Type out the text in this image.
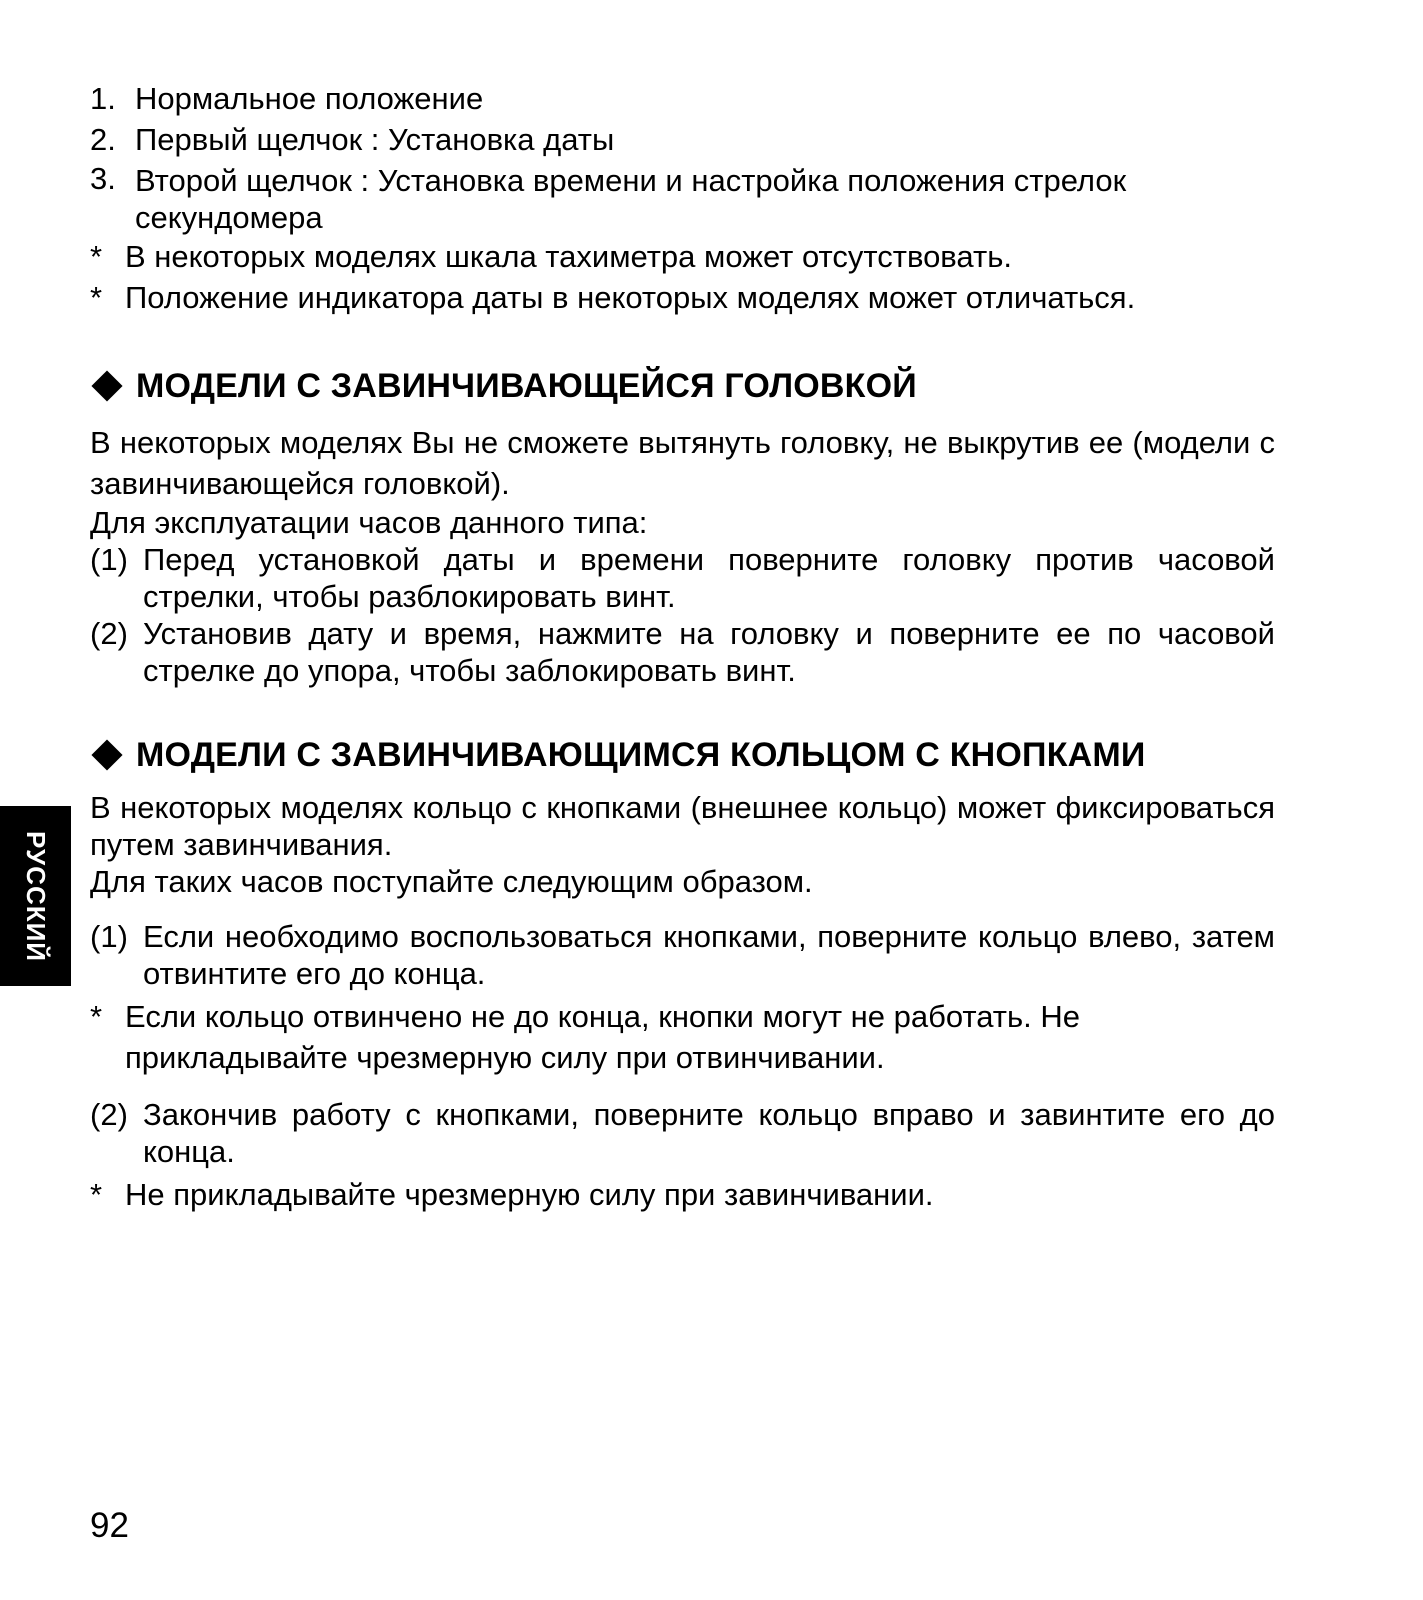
1. Нормальное положение
2. Первый щелчок : Установка даты
3. Второй щелчок : Установка времени и настройка положения стрелок секундомера
* В некоторых моделях шкала тахиметра может отсутствовать.
* Положение индикатора даты в некоторых моделях может отличаться.
МОДЕЛИ С ЗАВИНЧИВАЮЩЕЙСЯ ГОЛОВКОЙ
В некоторых моделях Вы не сможете вытянуть головку, не выкрутив ее (модели с завинчивающейся головкой).
Для эксплуатации часов данного типа:
(1) Перед установкой даты и времени поверните головку против часовой стрелки, чтобы разблокировать винт.
(2) Установив дату и время, нажмите на головку и поверните ее по часовой стрелке до упора, чтобы заблокировать винт.
МОДЕЛИ С ЗАВИНЧИВАЮЩИМСЯ КОЛЬЦОМ С КНОПКАМИ
В некоторых моделях кольцо с кнопками (внешнее кольцо) может фиксироваться путем завинчивания.
Для таких часов поступайте следующим образом.
(1) Если необходимо воспользоваться кнопками, поверните кольцо влево, затем отвинтите его до конца.
* Если кольцо отвинчено не до конца, кнопки могут не работать. Не прикладывайте чрезмерную силу при отвинчивании.
(2) Закончив работу с кнопками, поверните кольцо вправо и завинтите его до конца.
* Не прикладывайте чрезмерную силу при завинчивании.
РУССКИЙ
92
